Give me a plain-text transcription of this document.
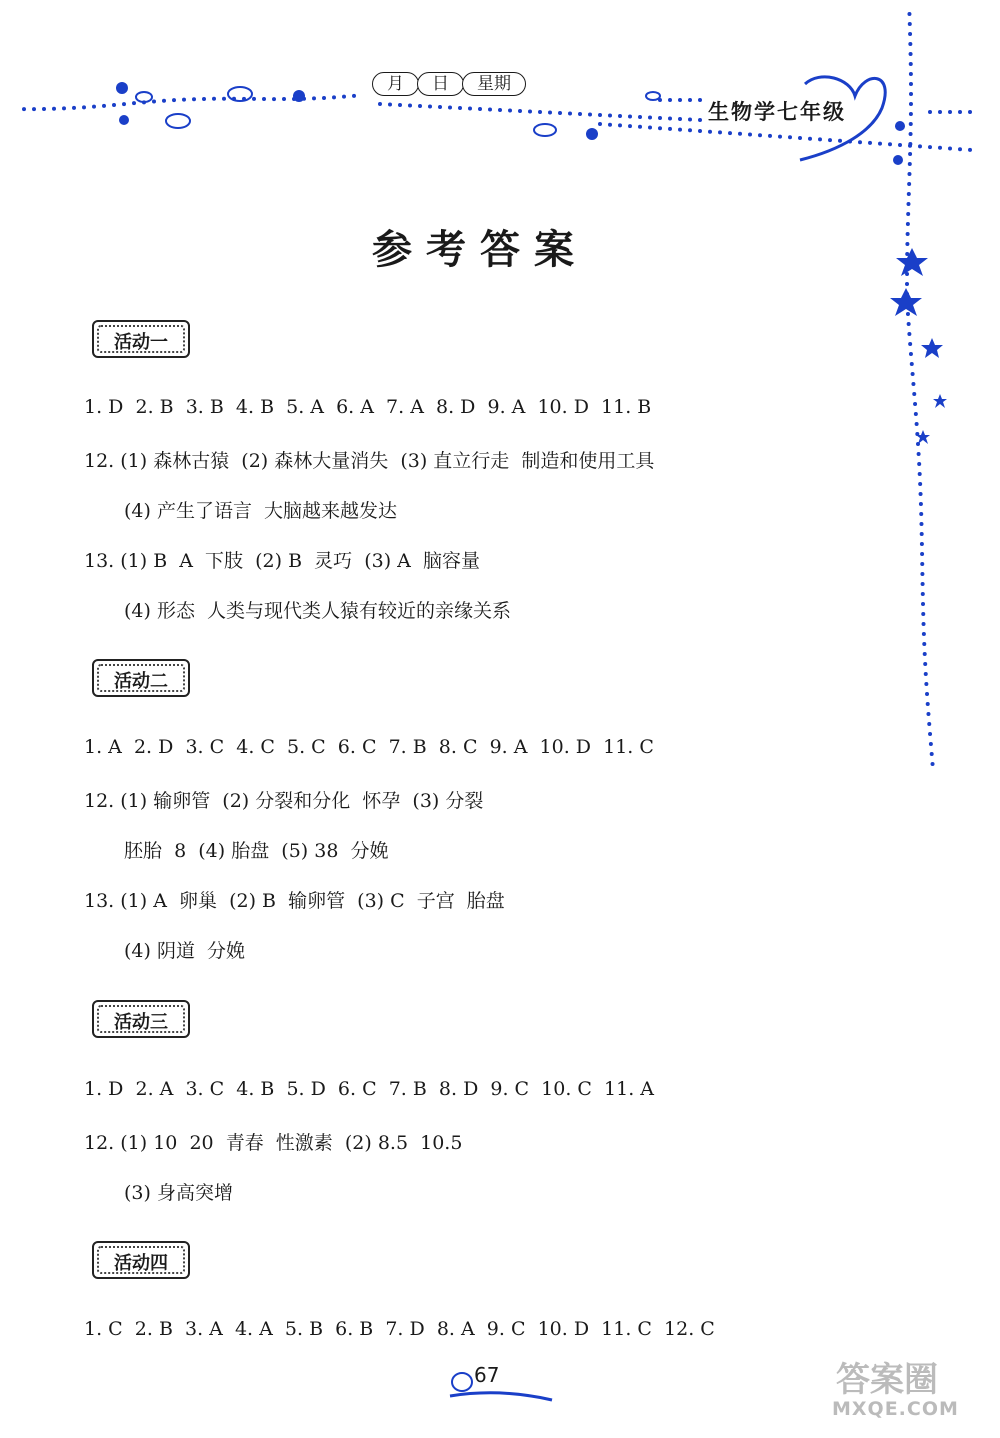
月	日	星期
生物学七年级
参考答案
活动一
1. D  2. B  3. B  4. B  5. A  6. A  7. A  8. D  9. A  10. D  11. B
12. (1) 森林古猿  (2) 森林大量消失  (3) 直立行走  制造和使用工具
(4) 产生了语言  大脑越来越发达
13. (1) B  A  下肢  (2) B  灵巧  (3) A  脑容量
(4) 形态  人类与现代类人猿有较近的亲缘关系
活动二
1. A  2. D  3. C  4. C  5. C  6. C  7. B  8. C  9. A  10. D  11. C
12. (1) 输卵管  (2) 分裂和分化  怀孕  (3) 分裂
胚胎  8  (4) 胎盘  (5) 38  分娩
13. (1) A  卵巢  (2) B  输卵管  (3) C  子宫  胎盘
(4) 阴道  分娩
活动三
1. D  2. A  3. C  4. B  5. D  6. C  7. B  8. D  9. C  10. C  11. A
12. (1) 10  20  青春  性激素  (2) 8.5  10.5
(3) 身高突增
活动四
1. C  2. B  3. A  4. A  5. B  6. B  7. D  8. A  9. C  10. D  11. C  12. C
67	答案圈
MXQE.COM
